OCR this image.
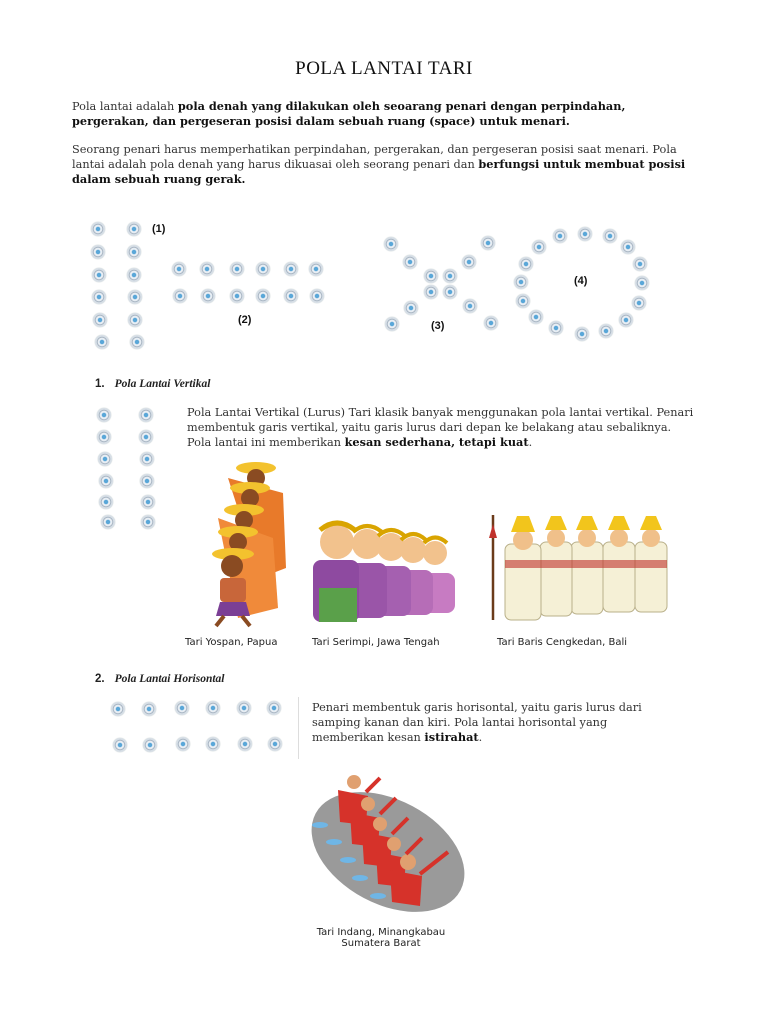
POLA LANTAI TARI
Pola lantai adalah pola denah yang dilakukan oleh seoarang penari dengan perpindahan, pergerakan, dan pergeseran posisi dalam sebuah ruang (space) untuk menari.
Seorang penari harus memperhatikan perpindahan, pergerakan, dan pergeseran posisi saat menari. Pola lantai adalah pola denah yang harus dikuasai oleh seorang penari dan berfungsi untuk membuat posisi dalam sebuah ruang gerak.
(1)
(2)	(3)
(4)
1. Pola Lantai Vertikal
Pola Lantai Vertikal (Lurus) Tari klasik banyak menggunakan pola lantai vertikal. Penari membentuk garis vertikal, yaitu garis lurus dari depan ke belakang atau sebaliknya. Pola lantai ini memberikan kesan sederhana, tetapi kuat.
Tari Yospan, Papua	Tari Serimpi, Jawa Tengah	Tari Baris Cengkedan, Bali
2. Pola Lantai Horisontal
Penari membentuk garis horisontal, yaitu garis lurus dari samping kanan dan kiri. Pola lantai horisontal yang memberikan kesan istirahat.
Tari Indang, Minangkabau
Sumatera Barat
